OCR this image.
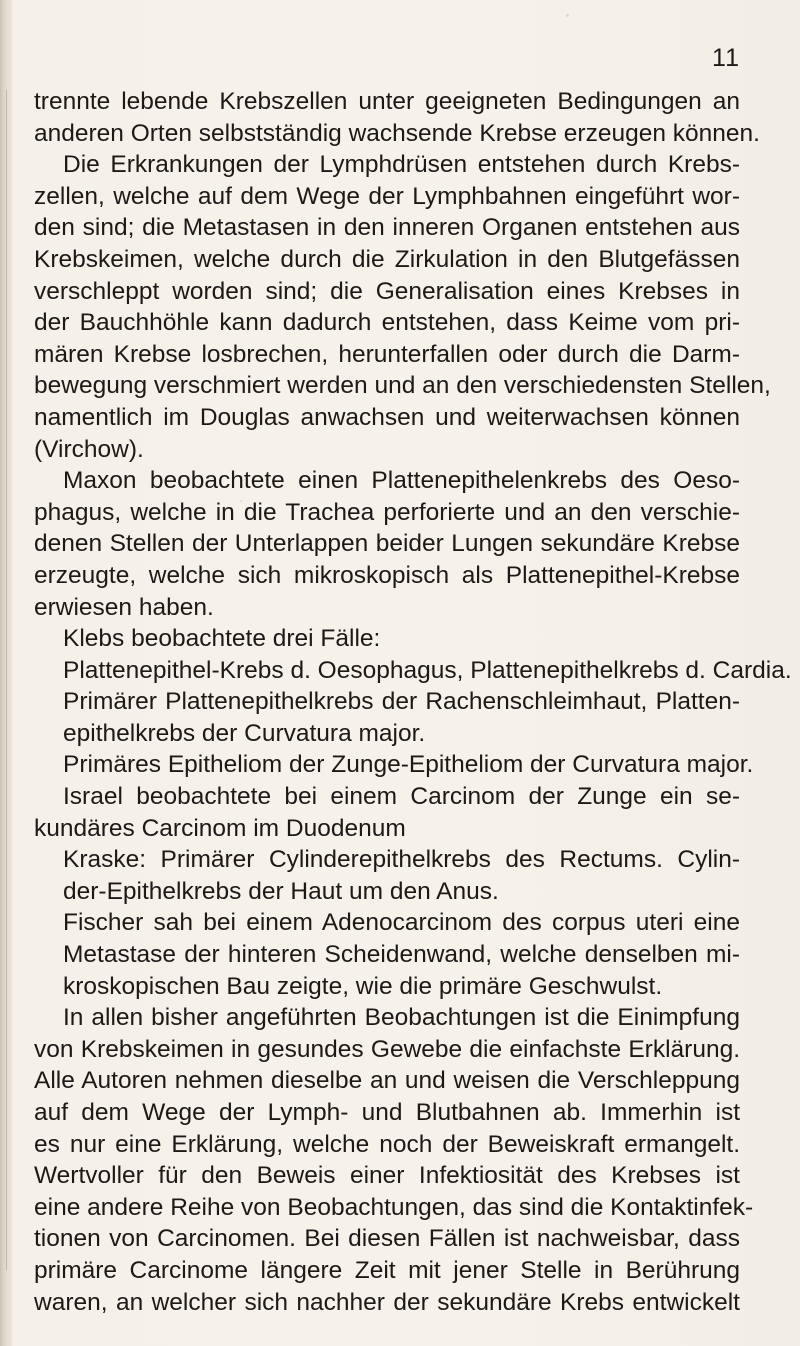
11
trennte lebende Krebszellen unter geeigneten Bedingungen an
anderen Orten selbstständig wachsende Krebse erzeugen können.
Die Erkrankungen der Lymphdrüsen entstehen durch Krebs-
zellen, welche auf dem Wege der Lymphbahnen eingeführt wor-
den sind; die Metastasen in den inneren Organen entstehen aus
Krebskeimen, welche durch die Zirkulation in den Blutgefässen
verschleppt worden sind; die Generalisation eines Krebses in
der Bauchhöhle kann dadurch entstehen, dass Keime vom pri-
mären Krebse losbrechen, herunterfallen oder durch die Darm-
bewegung verschmiert werden und an den verschiedensten Stellen,
namentlich im Douglas anwachsen und weiterwachsen können
(Virchow).
Maxon beobachtete einen Plattenepithelenkrebs des Oeso-
phagus, welche in die Trachea perforierte und an den verschie-
denen Stellen der Unterlappen beider Lungen sekundäre Krebse
erzeugte, welche sich mikroskopisch als Plattenepithel-Krebse
erwiesen haben.
Klebs beobachtete drei Fälle:
Plattenepithel-Krebs d. Oesophagus, Plattenepithelkrebs d. Cardia.
Primärer Plattenepithelkrebs der Rachenschleimhaut, Platten-
epithelkrebs der Curvatura major.
Primäres Epitheliom der Zunge-Epitheliom der Curvatura major.
Israel beobachtete bei einem Carcinom der Zunge ein se-
kundäres Carcinom im Duodenum
Kraske: Primärer Cylinderepithelkrebs des Rectums. Cylin-
der-Epithelkrebs der Haut um den Anus.
Fischer sah bei einem Adenocarcinom des corpus uteri eine
Metastase der hinteren Scheidenwand, welche denselben mi-
kroskopischen Bau zeigte, wie die primäre Geschwulst.
In allen bisher angeführten Beobachtungen ist die Einimpfung
von Krebskeimen in gesundes Gewebe die einfachste Erklärung.
Alle Autoren nehmen dieselbe an und weisen die Verschleppung
auf dem Wege der Lymph- und Blutbahnen ab. Immerhin ist
es nur eine Erklärung, welche noch der Beweiskraft ermangelt.
Wertvoller für den Beweis einer Infektiosität des Krebses ist
eine andere Reihe von Beobachtungen, das sind die Kontaktinfek-
tionen von Carcinomen. Bei diesen Fällen ist nachweisbar, dass
primäre Carcinome längere Zeit mit jener Stelle in Berührung
waren, an welcher sich nachher der sekundäre Krebs entwickelt
